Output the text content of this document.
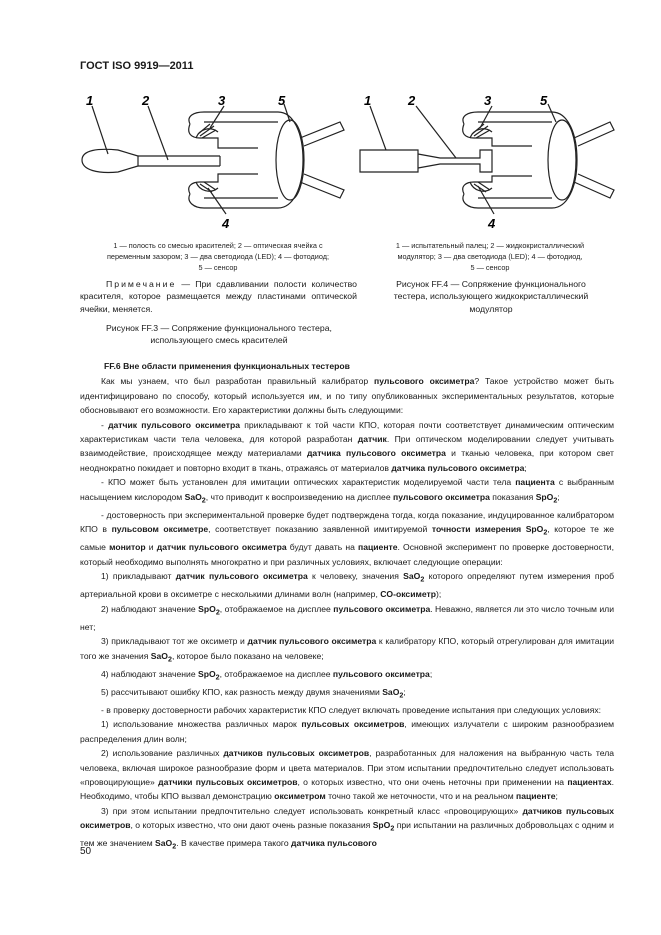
ГОСТ ISO 9919—2011
1	2	3	5
4
1	2	3	5
4
1 — полость со смесью красителей; 2 — оптическая ячейка с
переменным зазором; 3 — два светодиода (LED); 4 — фотодиод;
5 — сенсор
1 — испытательный палец; 2 — жидкокристаллический
модулятор; 3 — два светодиода (LED); 4 — фотодиод,
5 — сенсор
Примечание — При сдавливании полости количество красителя, которое размещается между пластинами оптической ячейки, меняется.
Рисунок FF.3 — Сопряжение функционального тестера,
использующего смесь красителей
Рисунок FF.4 — Сопряжение функционального
тестера, использующего жидкокристаллический
модулятор

FF.6 Вне области применения функциональных тестеров

Как мы узнаем, что был разработан правильный калибратор пульсового оксиметра? Такое устройство может быть идентифицировано по способу, который используется им, и по типу опубликованных экспериментальных результатов, которые обосновывают его возможности. Его характеристики должны быть следующими:

- датчик пульсового оксиметра прикладывают к той части КПО, которая почти соответствует динамическим оптическим характеристикам части тела человека, для которой разработан датчик. При оптическом моделировании следует учитывать взаимодействие, происходящее между материалами датчика пульсового оксиметра и тканью человека, при котором свет неоднократно покидает и повторно входит в ткань, отражаясь от материалов датчика пульсового оксиметра;

- КПО может быть установлен для имитации оптических характеристик моделируемой части тела пациента с выбранным насыщением кислородом SaO$_2$, что приводит к воспроизведению на дисплее пульсового оксиметра показания SpO$_2$;

- достоверность при экспериментальной проверке будет подтверждена тогда, когда показание, индуцированное калибратором КПО в пульсовом оксиметре, соответствует показанию заявленной имитируемой точности измерения SpO$_2$, которое те же самые монитор и датчик пульсового оксиметра будут давать на пациенте. Основной эксперимент по проверке достоверности, который необходимо выполнять многократно и при различных условиях, включает следующие операции:

1) прикладывают датчик пульсового оксиметра к человеку, значения SaO$_2$ которого определяют путем измерения проб артериальной крови в оксиметре с несколькими длинами волн (например, CO-оксиметр);

2) наблюдают значение SpO$_2$, отображаемое на дисплее пульсового оксиметра. Неважно, является ли это число точным или нет;

3) прикладывают тот же оксиметр и датчик пульсового оксиметра к калибратору КПО, который отрегулирован для имитации того же значения SaO$_2$, которое было показано на человеке;

4) наблюдают значение SpO$_2$, отображаемое на дисплее пульсового оксиметра;

5) рассчитывают ошибку КПО, как разность между двумя значениями SaO$_2$;

- в проверку достоверности рабочих характеристик КПО следует включать проведение испытания при следующих условиях:

1) использование множества различных марок пульсовых оксиметров, имеющих излучатели с широким разнообразием распределения длин волн;

2) использование различных датчиков пульсовых оксиметров, разработанных для наложения на выбранную часть тела человека, включая широкое разнообразие форм и цвета материалов. При этом испытании предпочтительно следует использовать «провоцирующие» датчики пульсовых оксиметров, о которых известно, что они очень неточны при применении на пациентах. Необходимо, чтобы КПО вызвал демонстрацию оксиметром точно такой же неточности, что и на реальном пациенте;

3) при этом испытании предпочтительно следует использовать конкретный класс «провоцирующих» датчиков пульсовых оксиметров, о которых известно, что они дают очень разные показания SpO$_2$ при испытании на различных добровольцах с одним и тем же значением SaO$_2$. В качестве примера такого датчика пульсового

50
